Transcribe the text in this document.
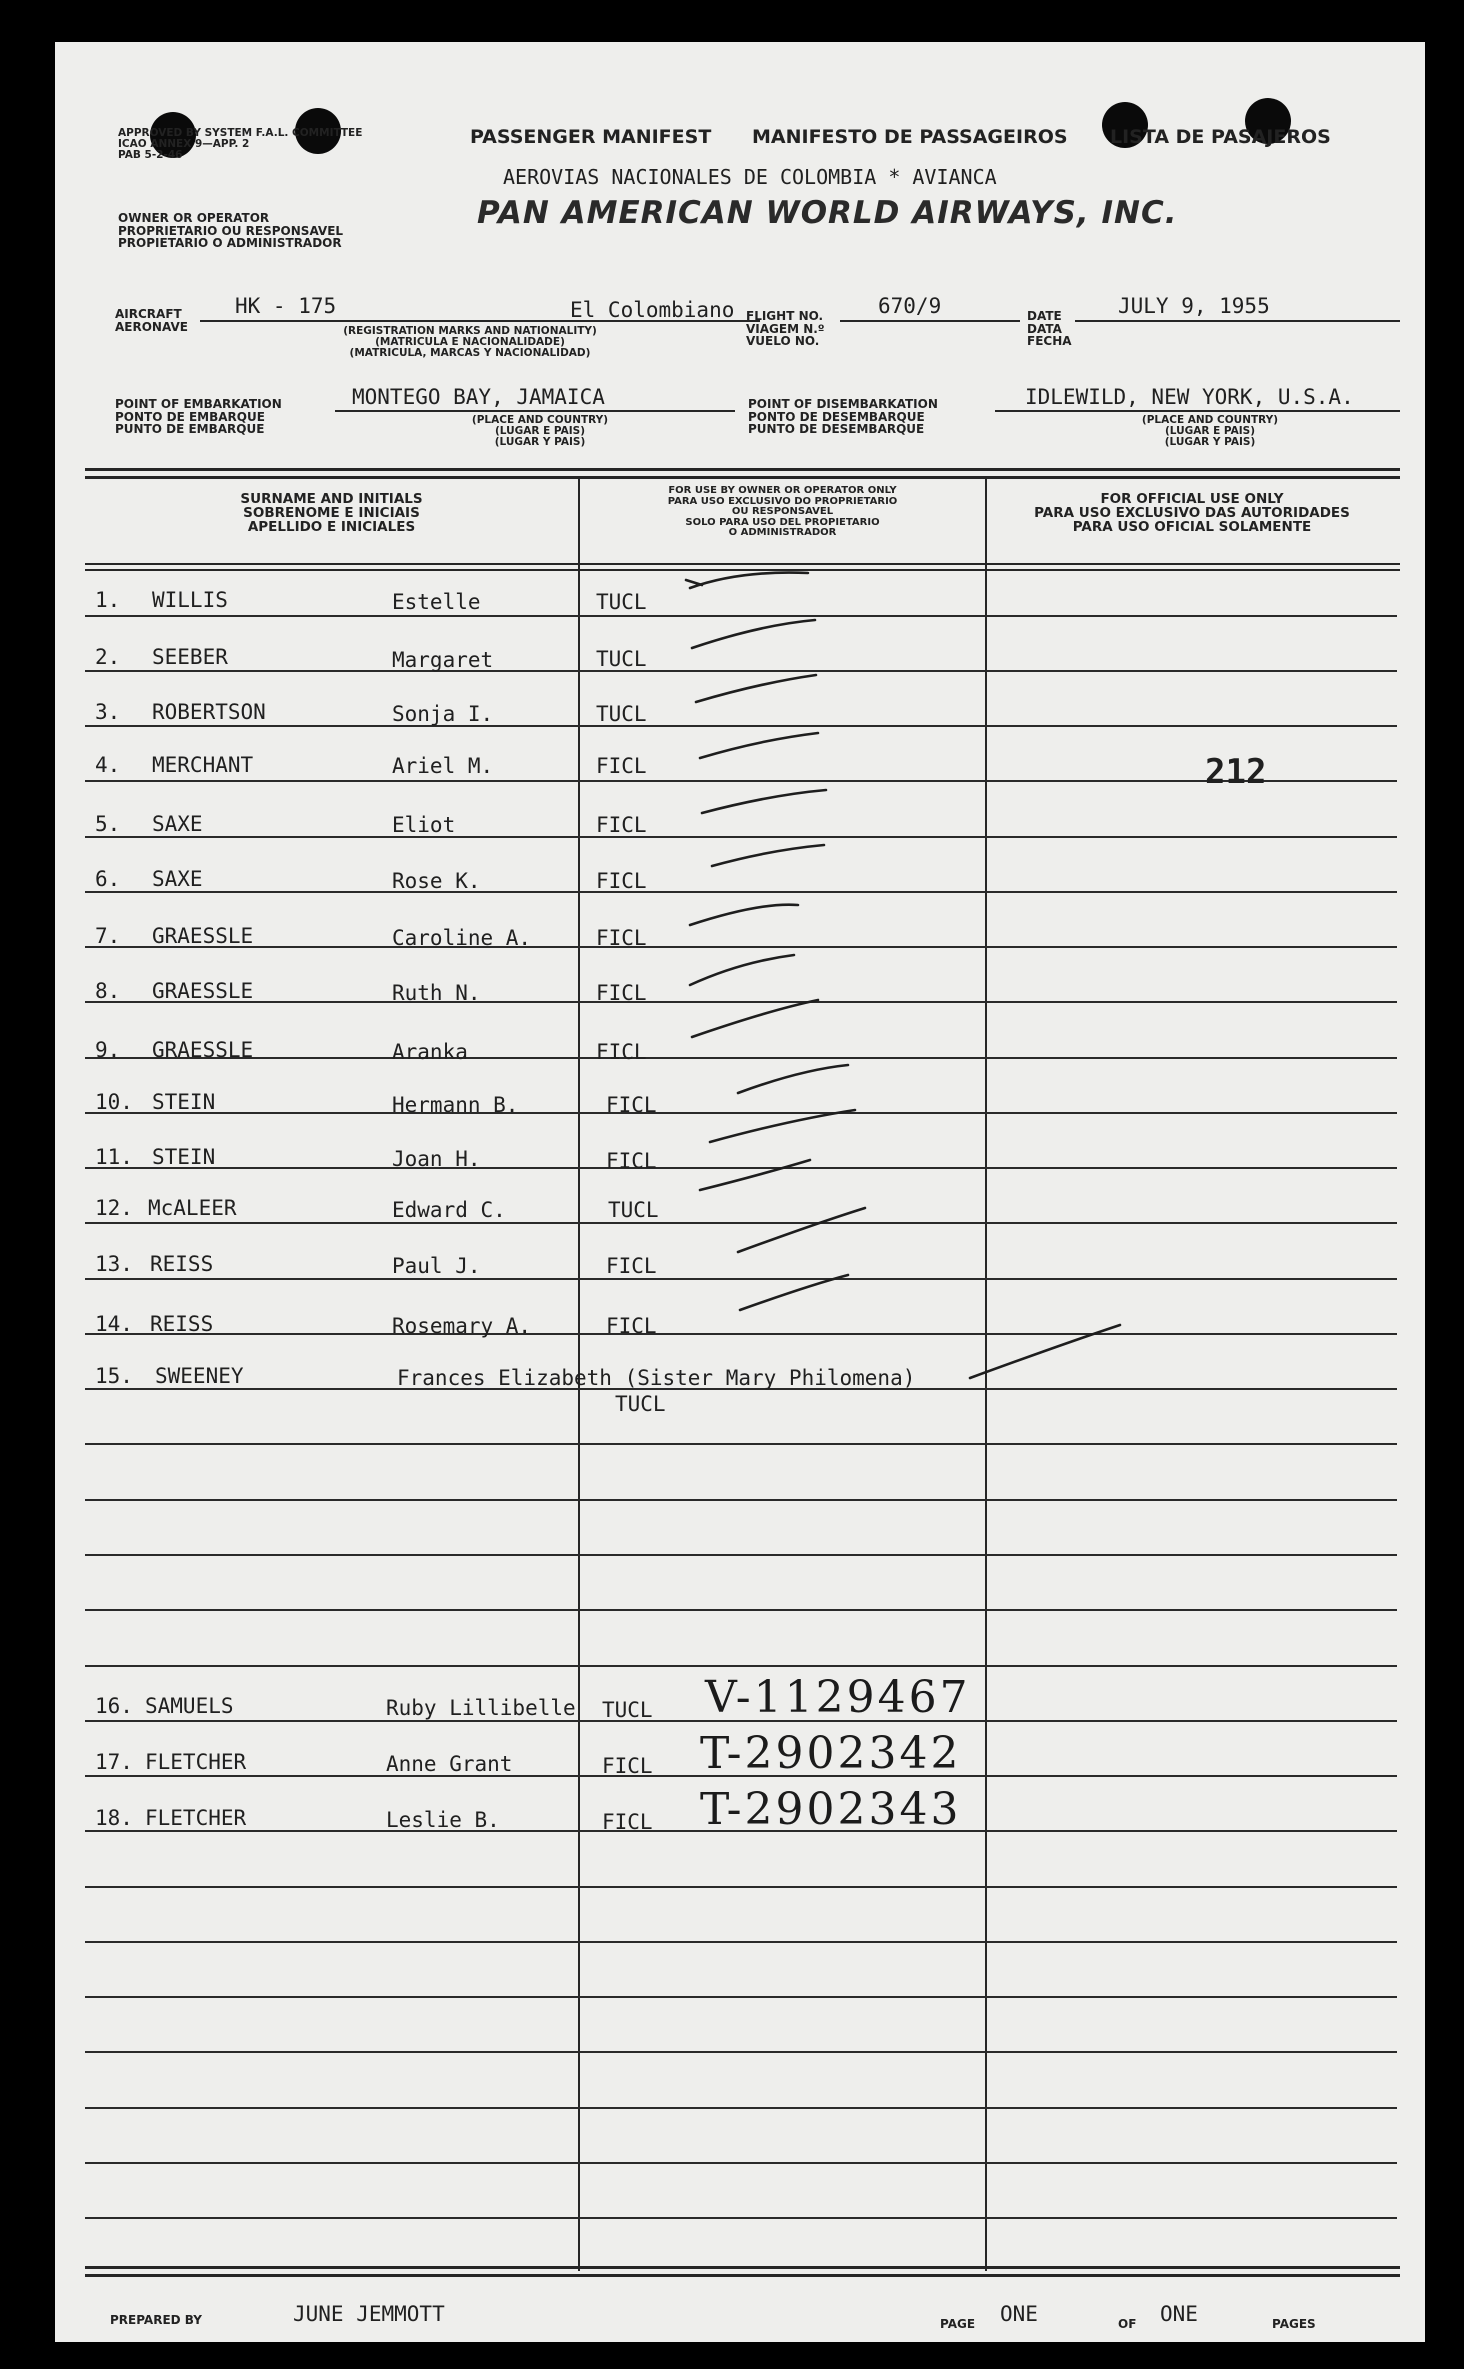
APPROVED BY SYSTEM F.A.L. COMMITTEE
ICAO ANNEX 9—APP. 2
PAB 5-2-46
OWNER OR OPERATOR
PROPRIETARIO OU RESPONSAVEL
PROPIETARIO O ADMINISTRADOR
PASSENGER MANIFEST MANIFESTO DE PASSAGEIROS LISTA DE PASAJEROS
AEROVIAS NACIONALES DE COLOMBIA * AVIANCA
PAN AMERICAN WORLD AIRWAYS, INC.
AIRCRAFT
AERONAVE
HK - 175
(REGISTRATION MARKS AND NATIONALITY)
(MATRICULA E NACIONALIDADE)
(MATRICULA, MARCAS Y NACIONALIDAD)
El Colombiano FLIGHT NO.
VIAGEM N.º
VUELO NO.
670/9	DATE
DATA
FECHA
JULY 9, 1955
POINT OF EMBARKATION
PONTO DE EMBARQUE
PUNTO DE EMBARQUE
MONTEGO BAY, JAMAICA
(PLACE AND COUNTRY)
(LUGAR E PAIS)
(LUGAR Y PAIS)
POINT OF DISEMBARKATION
PONTO DE DESEMBARQUE
PUNTO DE DESEMBARQUE
IDLEWILD, NEW YORK, U.S.A.
(PLACE AND COUNTRY)
(LUGAR E PAIS)
(LUGAR Y PAIS)
SURNAME AND INITIALS
SOBRENOME E INICIAIS
APELLIDO E INICIALES
FOR USE BY OWNER OR OPERATOR ONLY
PARA USO EXCLUSIVO DO PROPRIETARIO
OU RESPONSAVEL
SOLO PARA USO DEL PROPIETARIO
O ADMINISTRADOR
FOR OFFICIAL USE ONLY
PARA USO EXCLUSIVO DAS AUTORIDADES
PARA USO OFICIAL SOLAMENTE
1. WILLIS	Estelle	TUCL
2. SEEBER	Margaret	TUCL
3. ROBERTSON	Sonja I.	TUCL
4. MERCHANT	Ariel M.	FICL
5. SAXE	Eliot	FICL
6. SAXE	Rose K.	FICL
7. GRAESSLE	Caroline A.	FICL
8. GRAESSLE	Ruth N.	FICL
9. GRAESSLE	Aranka	FICL
10. STEIN	Hermann B.	FICL
11. STEIN	Joan H.	FICL
12. McALEER	Edward C.	TUCL
13. REISS	Paul J.	FICL
14. REISS	Rosemary A.	FICL
15. SWEENEY	Frances Elizabeth (Sister Mary Philomena)
TUCL
16. SAMUELS	Ruby Lillibelle TUCL V-1129467
17. FLETCHER	Anne Grant	FICL T-2902342
18. FLETCHER	Leslie B.	FICL T-2902343
212
PREPARED BY	JUNE JEMMOTT	PAGE ONE	OF ONE	PAGES
